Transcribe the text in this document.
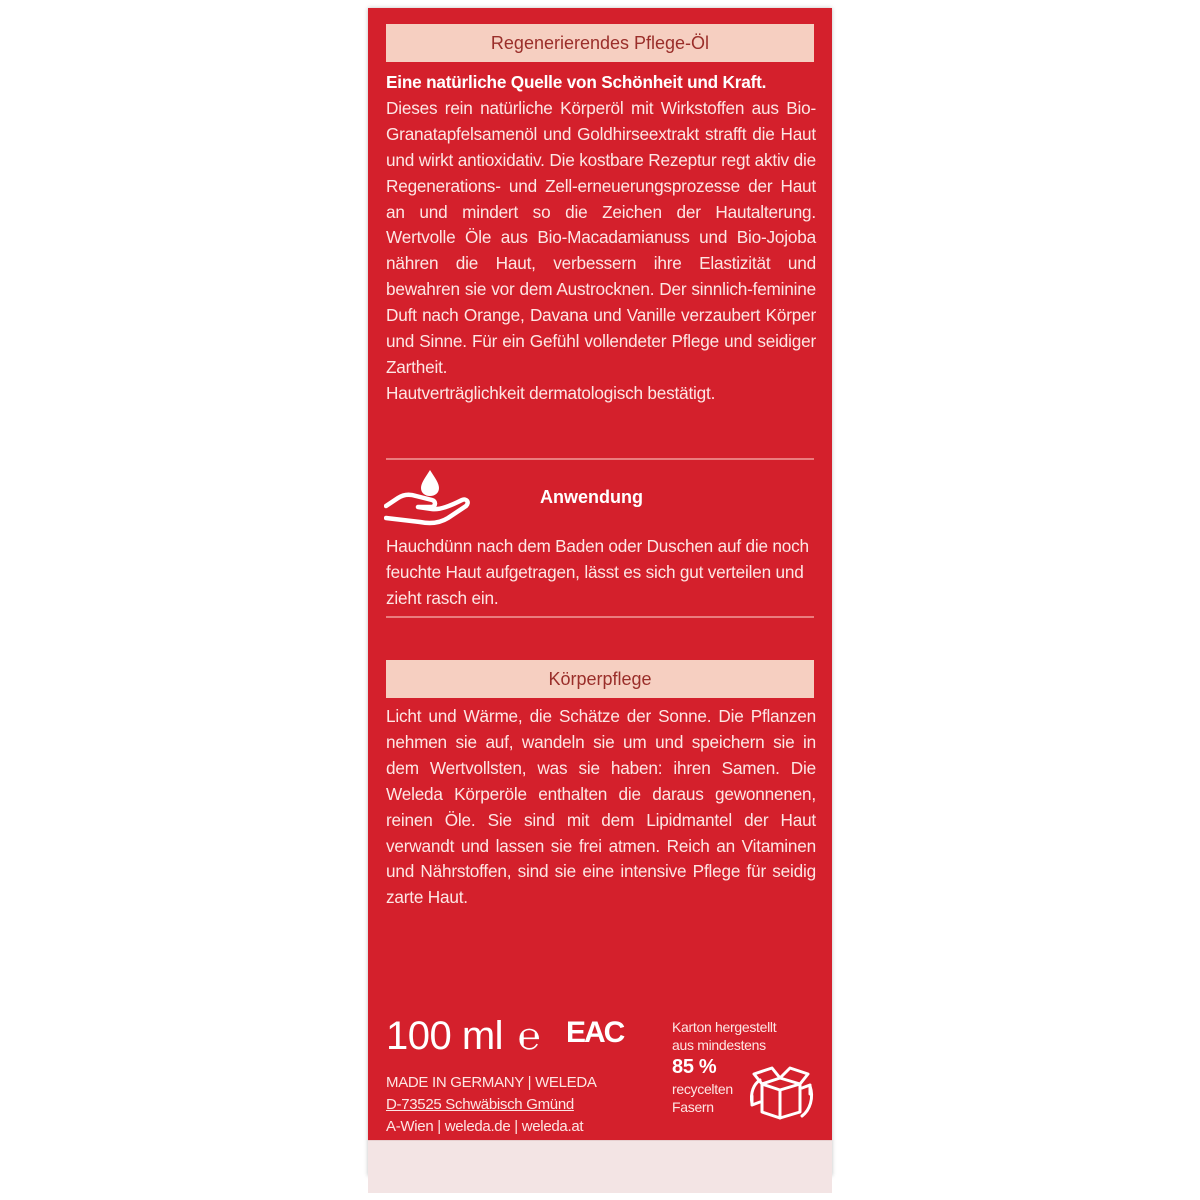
Regenerierendes Pflege-Öl

Eine natürliche Quelle von Schönheit und Kraft.

Dieses rein natürliche Körperöl mit Wirkstoffen aus Bio-Granatapfelsamenöl und Goldhirseextrakt strafft die Haut und wirkt antioxidativ. Die kostbare Rezeptur regt aktiv die Regenerations- und Zell-erneuerungsprozesse der Haut an und mindert so die Zeichen der Hautalterung. Wertvolle Öle aus Bio-Macadamianuss und Bio-Jojoba nähren die Haut, verbessern ihre Elastizität und bewahren sie vor dem Austrocknen. Der sinnlich-feminine Duft nach Orange, Davana und Vanille verzaubert Körper und Sinne. Für ein Gefühl vollendeter Pflege und seidiger Zartheit.

Hautverträglichkeit dermatologisch bestätigt.

Anwendung
Hauchdünn nach dem Baden oder Duschen auf die noch feuchte Haut aufgetragen, lässt es sich gut verteilen und zieht rasch ein.
Körperpflege
Licht und Wärme, die Schätze der Sonne. Die Pflanzen nehmen sie auf, wandeln sie um und speichern sie in dem Wertvollsten, was sie haben: ihren Samen. Die Weleda Körperöle enthalten die daraus gewonnenen, reinen Öle. Sie sind mit dem Lipidmantel der Haut verwandt und lassen sie frei atmen. Reich an Vitaminen und Nährstoffen, sind sie eine intensive Pflege für seidig zarte Haut.
100 ml ℮ EAC
MADE IN GERMANY | WELEDA
D-73525 Schwäbisch Gmünd
A-Wien | weleda.de | weleda.at
Karton hergestellt
aus mindestens
85 %
recycelten
Fasern
